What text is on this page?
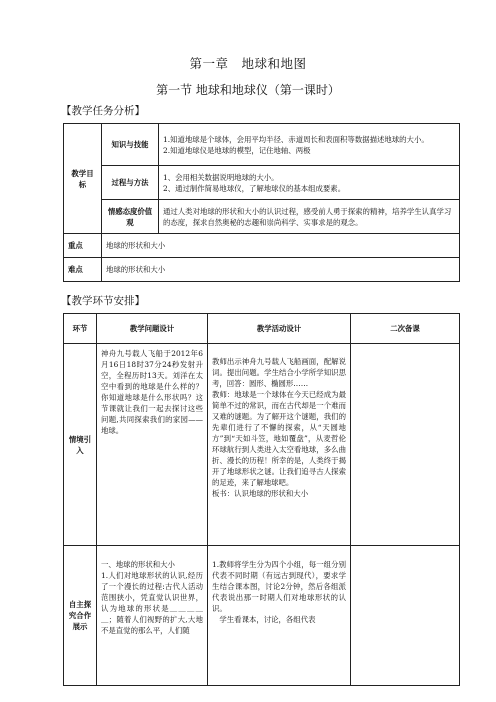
第一章　地球和地图
第一节 地球和地球仪（第一课时）
【教学任务分析】
教学目标	知识与技能	1.知道地球是个球体，会用平均半径、赤道周长和表面积等数据描述地球的大小。
2.知道地球仪是地球的模型，记住地轴、两极

	过程与方法	1、会用相关数据说明地球的大小。
2、通过制作简易地球仪，了解地球仪的基本组成要素。

	情感态度价值观	通过人类对地球的形状和大小的认识过程，感受前人勇于探索的精神，培养学生认真学习的态度，探求自然奥秘的志趣和崇尚科学、实事求是的观念。
重点	地球的形状和大小	
难点	地球的形状和大小	
【教学环节安排】
环节	教学问题设计	教学活动设计	二次备课
情境引入	神舟九号载人飞船于2012年6月16日18时37分24秒发射升空，全程历时13天。刘洋在太空中看到的地球是什么样的？你知道地球是什么形状吗？这节课就让我们一起去探讨这些问题,共同探索我们的家园——地球。	教师出示神舟九号载人飞船画面，配解说词。提出问题。学生结合小学所学知识思考，回答：圆形、椭圆形……
教师：地球是一个球体在今天已经成为最简单不过的常识，而在古代却是一个难而又难的谜题。为了解开这个谜题，我们的先辈们进行了不懈的探索，从“天圆地方”到“天如斗笠，地如覆盘”，从麦哲伦环球航行到人类进入太空看地球，多么曲折、漫长的历程！所幸的是，人类终于揭开了地球形状之谜。让我们追寻古人探索的足迹，来了解地球吧。
板书：认识地球的形状和大小	

自主探究合作展示	一、地球的形状和大小
1.人们对地球形状的认识,经历了一个漫长的过程:古代人活动范围狭小，凭直觉认识世界，认为地球的形状是＿＿＿＿＿；随着人们视野的扩大,大地不是直觉的那么平，人们随	1.教师将学生分为四个小组，每一组分别代表不同时期（有远古到现代），要求学生结合课本图，讨论2分钟，然后各组派代表说出那一时期人们对地球形状的认识。
　学生看课本，讨论，各组代表	
